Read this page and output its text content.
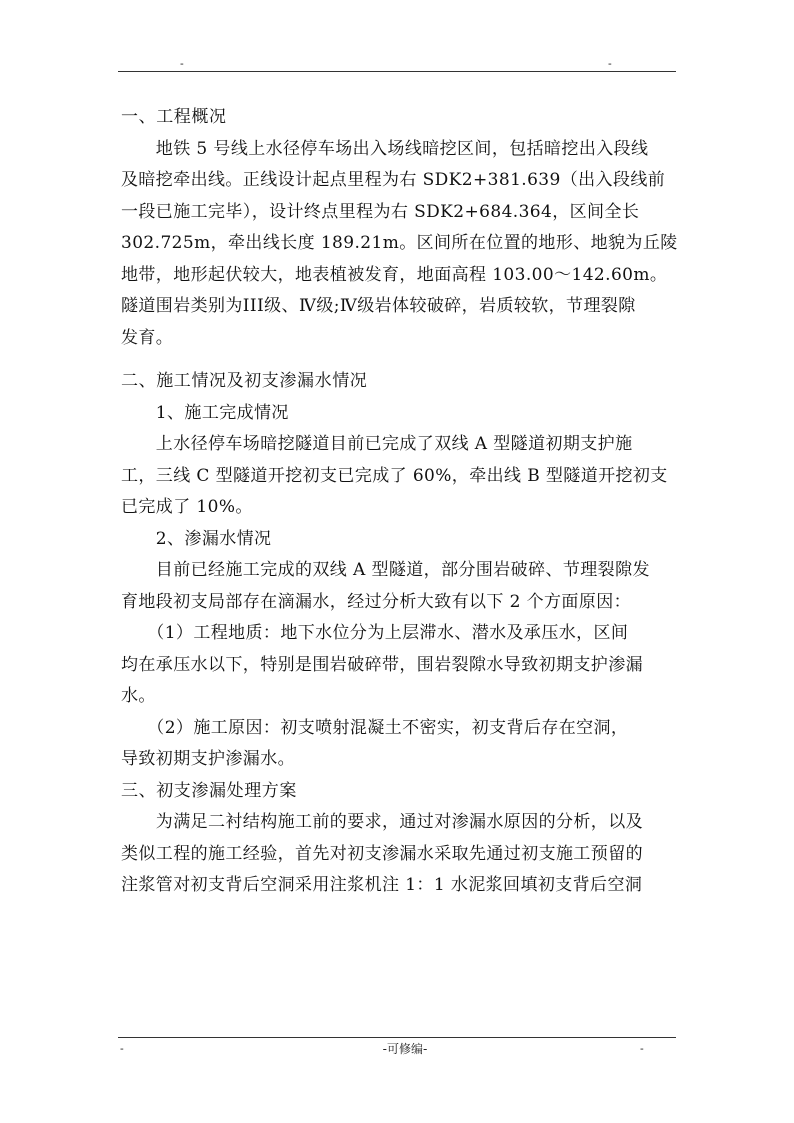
-	-
一、工程概况
　　地铁 5 号线上水径停车场出入场线暗挖区间，包括暗挖出入段线
及暗挖牵出线。正线设计起点里程为右 SDK2+381.639（出入段线前
一段已施工完毕），设计终点里程为右 SDK2+684.364，区间全长
302.725m，牵出线长度 189.21m。区间所在位置的地形、地貌为丘陵
地带，地形起伏较大，地表植被发育，地面高程 103.00～142.60m。
隧道围岩类别为III级、Ⅳ级;Ⅳ级岩体较破碎，岩质较软，节理裂隙
发育。
二、施工情况及初支渗漏水情况
　　1、施工完成情况
　　上水径停车场暗挖隧道目前已完成了双线 A 型隧道初期支护施
工，三线 C 型隧道开挖初支已完成了 60%，牵出线 B 型隧道开挖初支
已完成了 10%。
　　2、渗漏水情况
　　目前已经施工完成的双线 A 型隧道，部分围岩破碎、节理裂隙发
育地段初支局部存在滴漏水，经过分析大致有以下 2 个方面原因：
　　（1）工程地质：地下水位分为上层滞水、潜水及承压水，区间
均在承压水以下，特别是围岩破碎带，围岩裂隙水导致初期支护渗漏
水。
　　（2）施工原因：初支喷射混凝土不密实，初支背后存在空洞，
导致初期支护渗漏水。
三、初支渗漏处理方案
　　为满足二衬结构施工前的要求，通过对渗漏水原因的分析，以及
类似工程的施工经验，首先对初支渗漏水采取先通过初支施工预留的
注浆管对初支背后空洞采用注浆机注 1：1 水泥浆回填初支背后空洞
-	-可修编-	-
